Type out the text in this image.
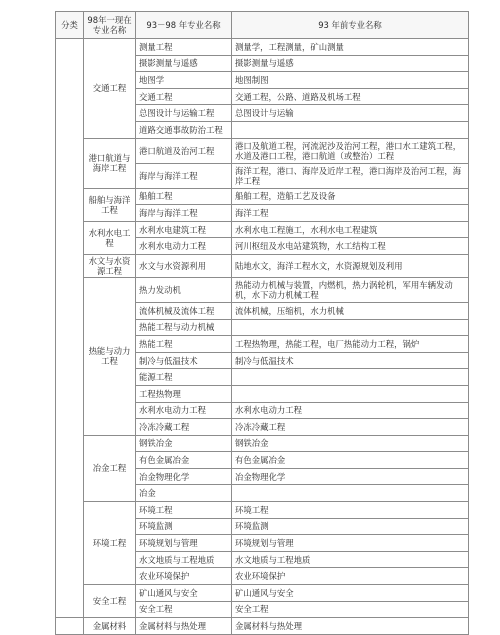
分类	98年一现在专业名称	93－98 年专业名称	93 年前专业名称
	交通工程	测量工程	测量学，工程测量，矿山测量
		摄影测量与遥感	摄影测量与遥感
		地图学	地图制图
		交通工程	交通工程，公路、道路及机场工程
		总图设计与运输工程	总图设计与运输
		道路交通事故防治工程	
	港口航道与海岸工程	港口航道及治河工程	港口及航道工程，河流泥沙及治河工程，港口水工建筑工程，水道及港口工程，港口航道（或整治）工程
		海岸与海洋工程	海洋工程，港口、海岸及近岸工程，港口海岸及治河工程，海岸工程
	船舶与海洋工程	船舶工程	船舶工程，造船工艺及设备
		海岸与海洋工程	海洋工程
	水利水电工程	水利水电建筑工程	水利水电工程施工，水利水电工程建筑
		水利水电动力工程	河川枢纽及水电站建筑物，水工结构工程
	水文与水资源工程	水文与水资源利用	陆地水文，海洋工程水文，水资源规划及利用
	热能与动力工程	热力发动机	热能动力机械与装置，内燃机，热力涡轮机，军用车辆发动机，水下动力机械工程
		流体机械及流体工程	流体机械，压缩机，水力机械
		热能工程与动力机械	
		热能工程	工程热物理，热能工程，电厂热能动力工程，锅炉
		制冷与低温技术	制冷与低温技术
		能源工程	
		工程热物理	
		水利水电动力工程	水利水电动力工程
		冷冻冷藏工程	冷冻冷藏工程
	冶金工程	钢铁冶金	钢铁冶金
		有色金属冶金	有色金属冶金
		冶金物理化学	冶金物理化学
		冶金	
	环境工程	环境工程	环境工程
		环境监测	环境监测
		环境规划与管理	环境规划与管理
		水文地质与工程地质	水文地质与工程地质
		农业环境保护	农业环境保护
	安全工程	矿山通风与安全	矿山通风与安全
		安全工程	安全工程
	金属材料	金属材料与热处理	金属材料与热处理
